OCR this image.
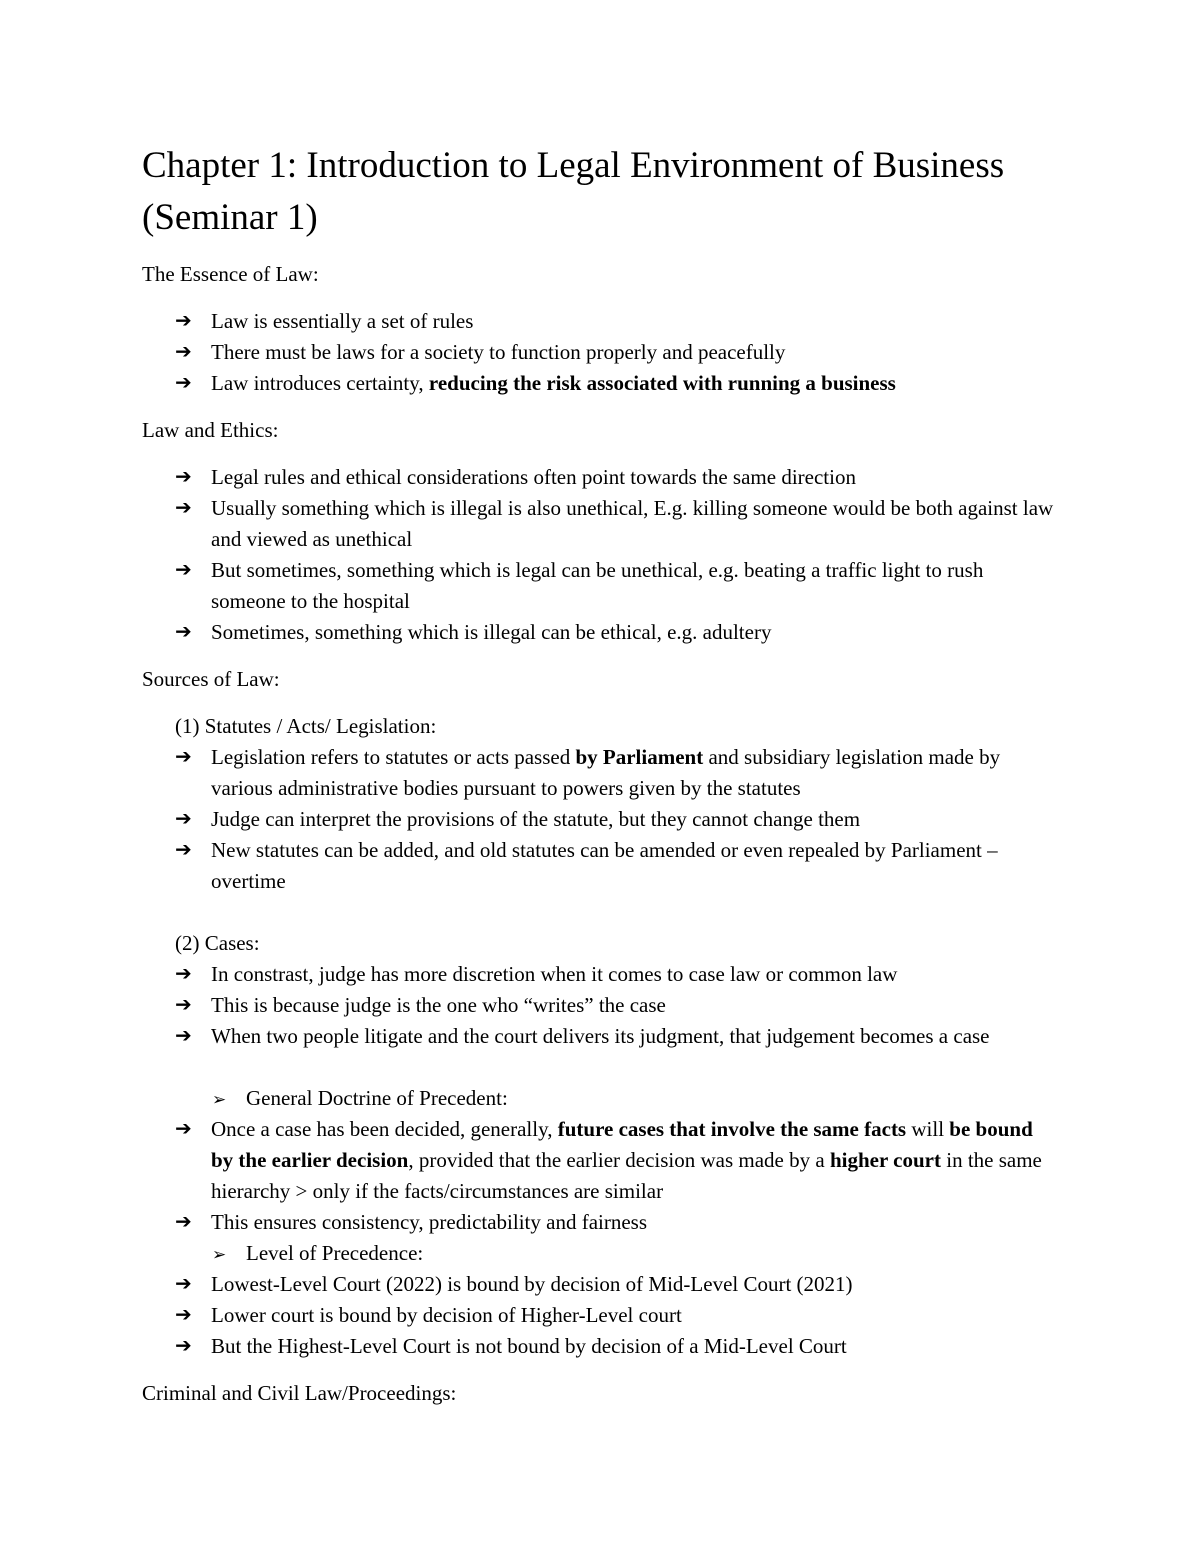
Chapter 1: Introduction to Legal Environment of Business (Seminar 1)

The Essence of Law:

➔ Law is essentially a set of rules

➔ There must be laws for a society to function properly and peacefully

➔ Law introduces certainty, reducing the risk associated with running a business

Law and Ethics:

➔ Legal rules and ethical considerations often point towards the same direction

➔ Usually something which is illegal is also unethical, E.g. killing someone would be both against law and viewed as unethical

➔ But sometimes, something which is legal can be unethical, e.g. beating a traffic light to rush someone to the hospital

➔ Sometimes, something which is illegal can be ethical, e.g. adultery

Sources of Law:

(1) Statutes / Acts/ Legislation:

➔ Legislation refers to statutes or acts passed by Parliament and subsidiary legislation made by various administrative bodies pursuant to powers given by the statutes

➔ Judge can interpret the provisions of the statute, but they cannot change them

➔ New statutes can be added, and old statutes can be amended or even repealed by Parliament – overtime

(2) Cases:

➔ In constrast, judge has more discretion when it comes to case law or common law

➔ This is because judge is the one who “writes” the case

➔ When two people litigate and the court delivers its judgment, that judgement becomes a case

➢ General Doctrine of Precedent:

➔ Once a case has been decided, generally, future cases that involve the same facts will be bound by the earlier decision, provided that the earlier decision was made by a higher court in the same hierarchy > only if the facts/circumstances are similar

➔ This ensures consistency, predictability and fairness

➢ Level of Precedence:

➔ Lowest-Level Court (2022) is bound by decision of Mid-Level Court (2021)

➔ Lower court is bound by decision of Higher-Level court

➔ But the Highest-Level Court is not bound by decision of a Mid-Level Court

Criminal and Civil Law/Proceedings:
